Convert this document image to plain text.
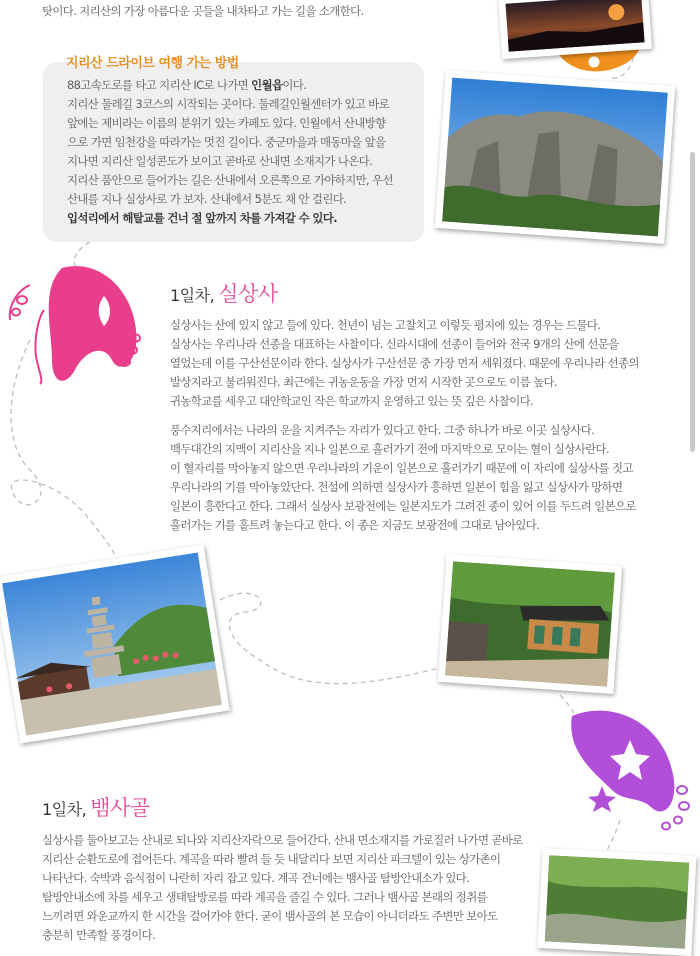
탓이다. 지리산의 가장 아름다운 곳들을 내차타고 가는 길을 소개한다.

지리산 드라이브 여행 가는 방법

88고속도로를 타고 지리산 IC로 나가면 인월읍이다.

지리산 둘레길 3코스의 시작되는 곳이다. 둘레길인월센터가 있고 바로

앞에는 제비라는 이름의 분위기 있는 카페도 있다. 인월에서 산내방향

으로 가면 임천강을 따라가는 멋진 길이다. 중군마을과 매동마을 앞을

지나면 지리산 일성콘도가 보이고 곧바로 산내면 소재지가 나온다.

지리산 품안으로 들어가는 길은 산내에서 오른쪽으로 가야하지만, 우선

산내를 지나 실상사로 가 보자. 산내에서 5분도 채 안 걸린다.

입석리에서 해탈교를 건너 절 앞까지 차를 가져갈 수 있다.

1일차, 실상사

실상사는 산에 있지 않고 들에 있다. 천년이 넘는 고찰치고 이렇듯 평지에 있는 경우는 드물다.

실상사는 우리나라 선종을 대표하는 사찰이다. 신라시대에 선종이 들어와 전국 9개의 산에 선문을

열었는데 이를 구산선문이라 한다. 실상사가 구산선문 중 가장 먼저 세워졌다. 때문에 우리나라 선종의

발상지라고 불리워진다. 최근에는 귀농운동을 가장 먼저 시작한 곳으로도 이름 높다.

귀농학교를 세우고 대안학교인 작은 학교까지 운영하고 있는 뜻 깊은 사찰이다.

풍수지리에서는 나라의 운을 지켜주는 자리가 있다고 한다. 그중 하나가 바로 이곳 실상사다.

백두대간의 지맥이 지리산을 지나 일본으로 흘러가기 전에 마지막으로 모이는 혈이 실상사란다.

이 혈자리를 막아놓지 않으면 우리나라의 기운이 일본으로 흘러가기 때문에 이 자리에 실상사를 짓고

우리나라의 기를 막아놓았단다. 전설에 의하면 실상사가 흥하면 일본이 힘을 잃고 실상사가 망하면

일본이 흥한다고 한다. 그래서 실상사 보광전에는 일본지도가 그려진 종이 있어 이를 두드려 일본으로

흘러가는 기를 흩트려 놓는다고 한다. 이 종은 지금도 보광전에 그대로 남아있다.

1일차, 뱀사골

실상사를 둘아보고는 산내로 되나와 지리산자락으로 들어간다. 산내 면소재지를 가로질러 나가면 곧바로

지리산 순환도로에 접어든다. 계곡을 따라 빨려 들 듯 내달리다 보면 지리산 파크텔이 있는 상가촌이

나타난다. 숙박과 음식점이 나란히 자리 잡고 있다. 계곡 건너에는 뱀사골 탐방안내소가 있다.

탐방안내소에 차를 세우고 생태탐방로를 따라 계곡을 즐길 수 있다. 그러나 뱀사골 본래의 정취를

느끼려면 와운교까지 한 시간을 걸어가야 한다. 굳이 뱀사골의 본 모습이 아니더라도 주변만 보아도

충분히 만족할 풍경이다.
